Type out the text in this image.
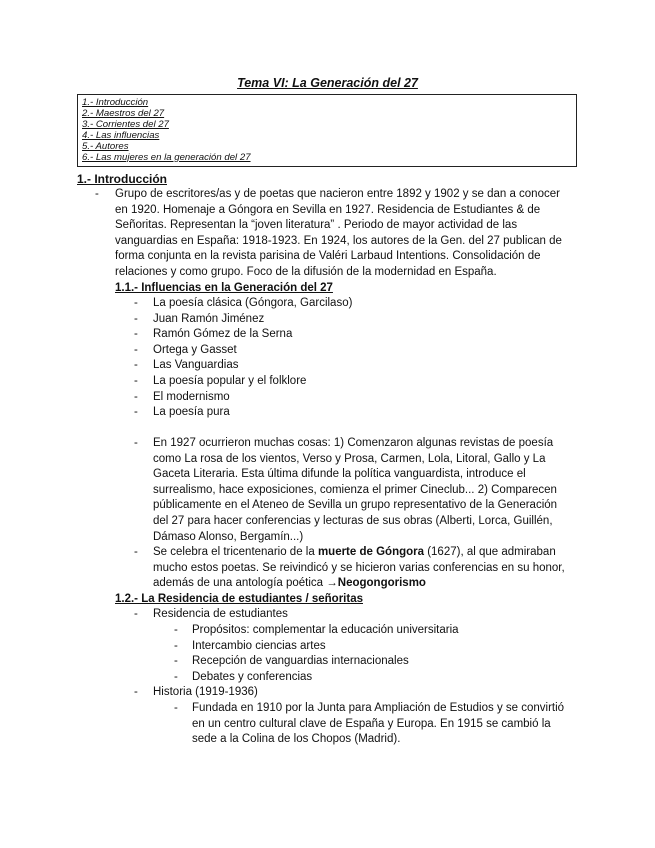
Tema VI: La Generación del 27
1.- Introducción
2.- Maestros del 27
3.- Corrientes del 27
4.- Las influencias
5.- Autores
6.- Las mujeres en la generación del 27
1.- Introducción
- Grupo de escritores/as y de poetas que nacieron entre 1892 y 1902 y se dan a conocer

en 1920. Homenaje a Góngora en Sevilla en 1927. Residencia de Estudiantes & de

Señoritas. Representan la “joven literatura” . Periodo de mayor actividad de las

vanguardias en España: 1918-1923. En 1924, los autores de la Gen. del 27 publican de

forma conjunta en la revista parisina de Valéri Larbaud Intentions. Consolidación de

relaciones y como grupo. Foco de la difusión de la modernidad en España.

1.1.- Influencias en la Generación del 27
- La poesía clásica (Góngora, Garcilaso)
- Juan Ramón Jiménez
- Ramón Gómez de la Serna
- Ortega y Gasset
- Las Vanguardias
- La poesía popular y el folklore
- El modernismo
- La poesía pura
- En 1927 ocurrieron muchas cosas: 1) Comenzaron algunas revistas de poesía

como La rosa de los vientos, Verso y Prosa, Carmen, Lola, Litoral, Gallo y La

Gaceta Literaria. Esta última difunde la política vanguardista, introduce el

surrealismo, hace exposiciones, comienza el primer Cineclub... 2) Comparecen

públicamente en el Ateneo de Sevilla un grupo representativo de la Generación

del 27 para hacer conferencias y lecturas de sus obras (Alberti, Lorca, Guillén,

Dámaso Alonso, Bergamín...)

- Se celebra el tricentenario de la muerte de Góngora (1627), al que admiraban

mucho estos poetas. Se reivindicó y se hicieron varias conferencias en su honor,

además de una antología poética →Neogongorismo

1.2.- La Residencia de estudiantes / señoritas
- Residencia de estudiantes
- Propósitos: complementar la educación universitaria
- Intercambio ciencias artes
- Recepción de vanguardias internacionales
- Debates y conferencias
- Historia (1919-1936)
- Fundada en 1910 por la Junta para Ampliación de Estudios y se convirtió

en un centro cultural clave de España y Europa. En 1915 se cambió la

sede a la Colina de los Chopos (Madrid).
